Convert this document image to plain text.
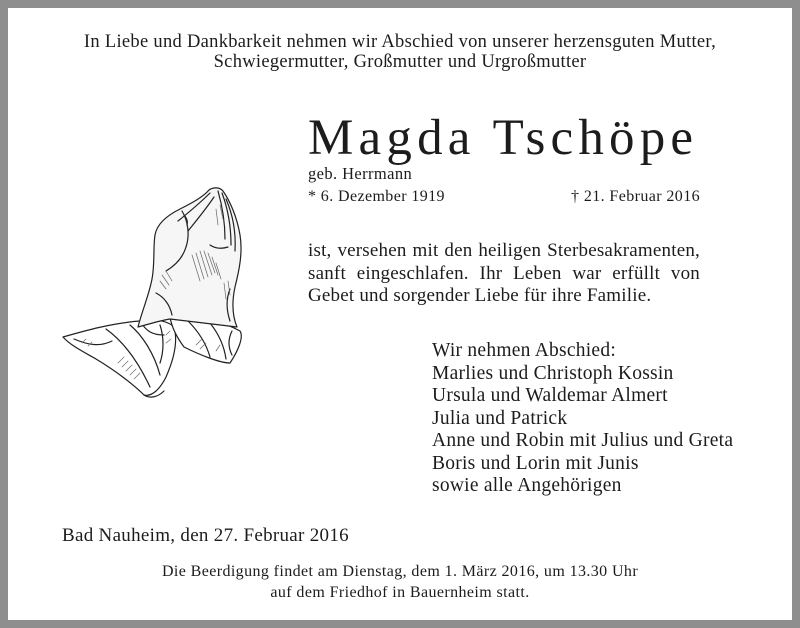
In Liebe und Dankbarkeit nehmen wir Abschied von unserer herzensguten Mutter,
Schwiegermutter, Großmutter und Urgroßmutter
Magda Tschöpe
geb. Herrmann
* 6. Dezember 1919	† 21. Februar 2016
ist, versehen mit den heiligen Sterbesakramenten,
sanft eingeschlafen. Ihr Leben war erfüllt von
Gebet und sorgender Liebe für ihre Familie.
Wir nehmen Abschied:
Marlies und Christoph Kossin
Ursula und Waldemar Almert
Julia und Patrick
Anne und Robin mit Julius und Greta
Boris und Lorin mit Junis
sowie alle Angehörigen
Bad Nauheim, den 27. Februar 2016
Die Beerdigung findet am Dienstag, dem 1. März 2016, um 13.30 Uhr
auf dem Friedhof in Bauernheim statt.
